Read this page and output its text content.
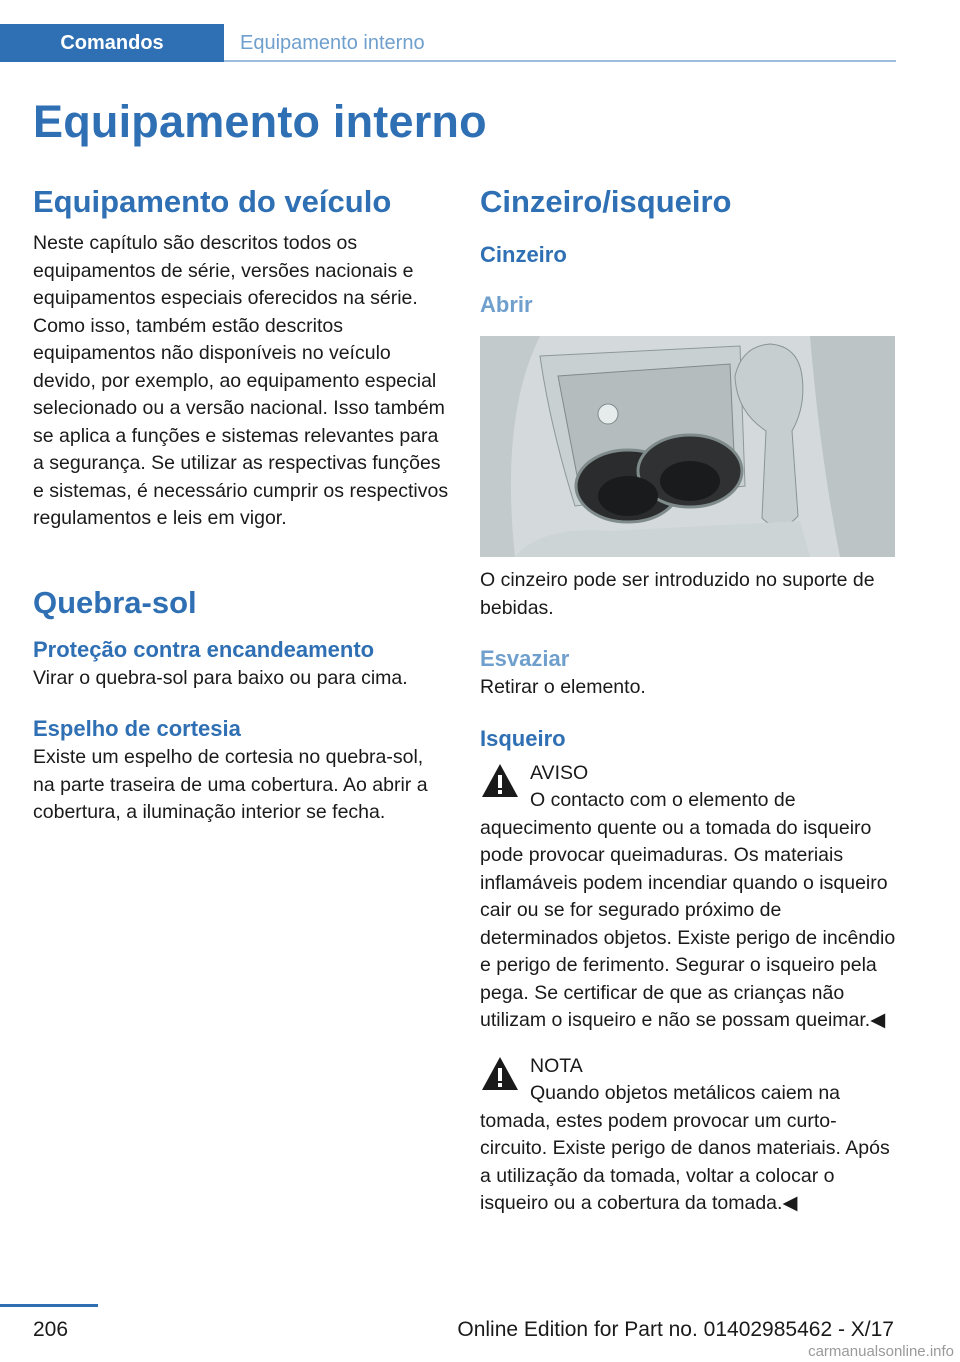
Comandos	Equipamento interno
Equipamento interno
Equipamento do veículo

Neste capítulo são descritos todos os equipamentos de série, versões nacionais e equipamentos especiais oferecidos na série. Como isso, também estão descritos equipamentos não disponíveis no veículo devido, por exemplo, ao equipamento especial selecionado ou a versão nacional. Isso também se aplica a funções e sistemas relevantes para a segurança. Se utilizar as respectivas funções e sistemas, é necessário cumprir os respectivos regulamentos e leis em vigor.

Quebra-sol
Proteção contra encandeamento

Virar o quebra-sol para baixo ou para cima.

Espelho de cortesia

Existe um espelho de cortesia no quebra-sol, na parte traseira de uma cobertura. Ao abrir a cobertura, a iluminação interior se fecha.

Cinzeiro/isqueiro
Cinzeiro
Abrir

O cinzeiro pode ser introduzido no suporte de bebidas.

Esvaziar

Retirar o elemento.

Isqueiro

AVISO

O contacto com o elemento de aquecimento quente ou a tomada do isqueiro pode provocar queimaduras. Os materiais inflamáveis podem incendiar quando o isqueiro cair ou se for segurado próximo de determinados objetos. Existe perigo de incêndio e perigo de ferimento. Segurar o isqueiro pela pega. Se certificar de que as crianças não utilizam o isqueiro e não se possam queimar.◀

NOTA

Quando objetos metálicos caiem na tomada, estes podem provocar um curto-circuito. Existe perigo de danos materiais. Após a utilização da tomada, voltar a colocar o isqueiro ou a cobertura da tomada.◀

206	Online Edition for Part no. 01402985462 - X/17
carmanualsonline.info
